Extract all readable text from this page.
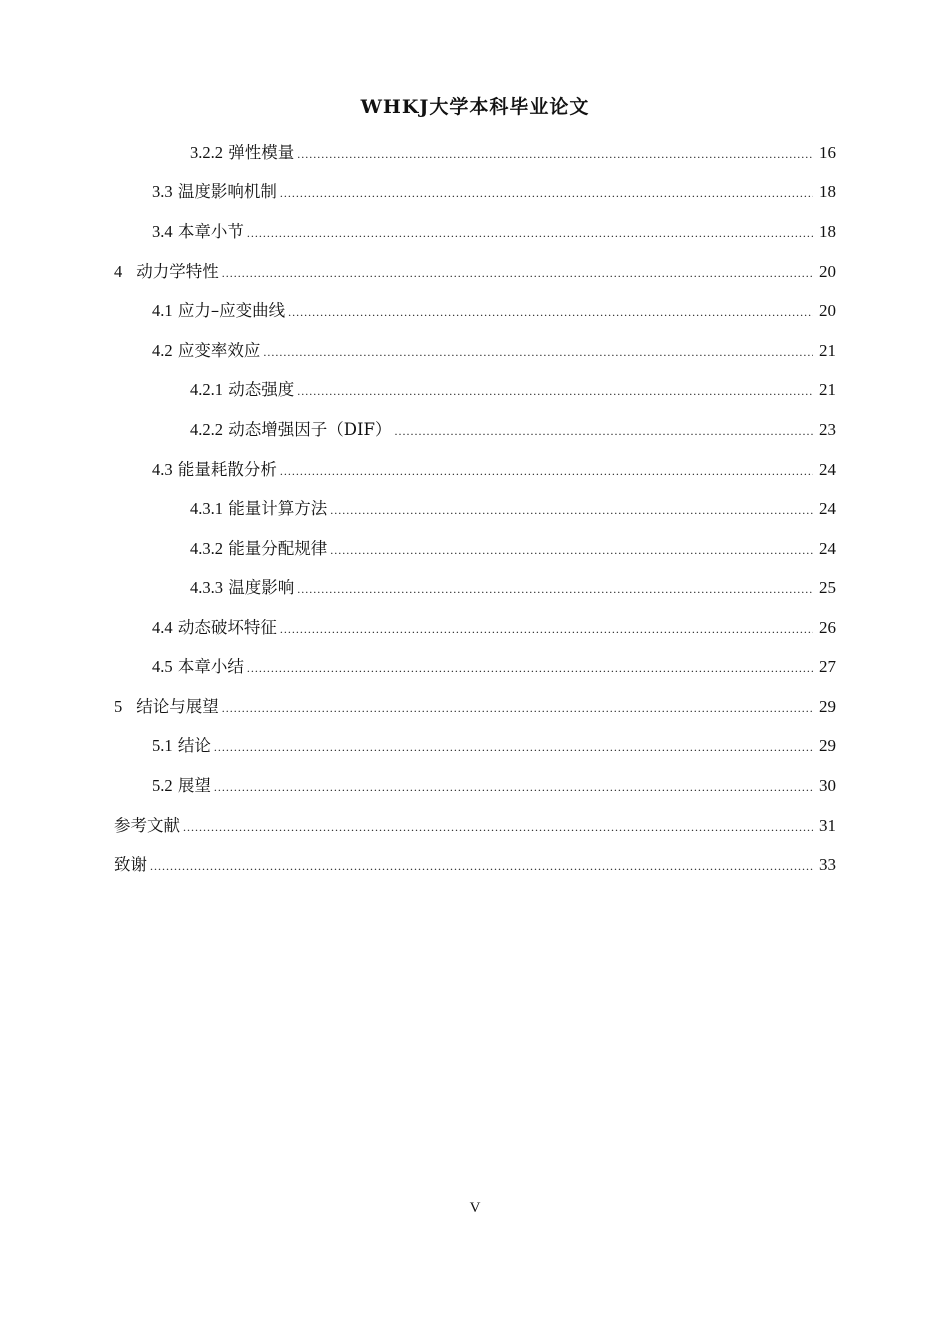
WHKJ大学本科毕业论文
3.2.2 弹性模量 .....	16
3.3 温度影响机制 .....	18
3.4 本章小节 .....	18
4 动力学特性 .....	20
4.1 应力–应变曲线 .....	20
4.2 应变率效应 .....	21
4.2.1 动态强度 .....	21
4.2.2 动态增强因子（DIF） .....	23
4.3 能量耗散分析 .....	24
4.3.1 能量计算方法 .....	24
4.3.2 能量分配规律 .....	24
4.3.3 温度影响 .....	25
4.4 动态破坏特征 .....	26
4.5 本章小结 .....	27
5 结论与展望 .....	29
5.1 结论 .....	29
5.2 展望 .....	30
参考文献 .....	31
致谢 .....	33
V
